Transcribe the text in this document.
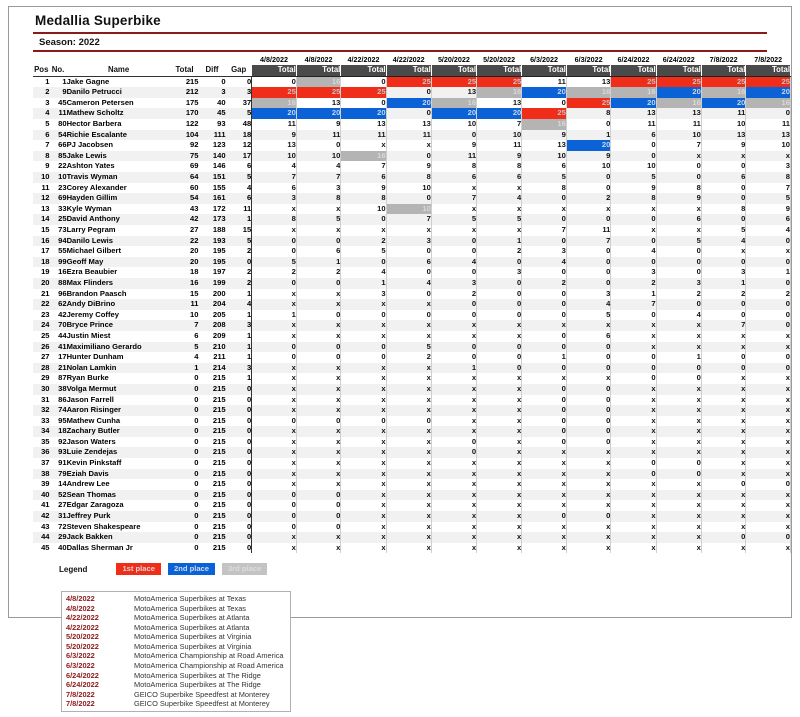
Medallia Superbike
Season: 2022
						4/8/2022	4/8/2022	4/22/2022	4/22/2022	5/20/2022	5/20/2022	6/3/2022	6/3/2022	6/24/2022	6/24/2022	7/8/2022	7/8/2022
Pos	No.	Name	Total	Diff	Gap	Total	Total	Total	Total	Total	Total	Total	Total	Total	Total	Total	Total
1	1	Jake Gagne	215	0	0	0	16	0	25	25	25	11	13	25	25	25	25
2	9	Danilo Petrucci	212	3	3	25	25	25	0	13	16	20	16	16	20	16	20
3	45	Cameron Petersen	175	40	37	16	13	0	20	16	13	0	25	20	16	20	16
4	11	Mathew Scholtz	170	45	5	20	20	20	0	20	20	25	8	13	13	11	0
5	80	Hector Barbera	122	93	48	11	9	13	13	10	7	16	0	11	11	10	11
6	54	Richie Escalante	104	111	18	9	11	11	11	0	10	9	1	6	10	13	13
7	66	PJ Jacobsen	92	123	12	13	0	x	x	9	11	13	20	0	7	9	10
8	85	Jake Lewis	75	140	17	10	10	16	0	11	9	10	9	0	x	x	x
9	22	Ashton Yates	69	146	6	4	4	7	9	8	8	6	10	10	0	0	3
10	10	Travis Wyman	64	151	5	7	7	6	8	6	6	5	0	5	0	6	8
11	23	Corey Alexander	60	155	4	6	3	9	10	x	x	8	0	9	8	0	7
12	69	Hayden Gillim	54	161	6	3	8	8	0	7	4	0	2	8	9	0	5
13	33	Kyle Wyman	43	172	11	x	x	10	10	x	x	x	x	x	x	8	9
14	25	David Anthony	42	173	1	8	5	0	7	5	5	0	0	0	6	0	6
15	73	Larry Pegram	27	188	15	x	x	x	x	x	x	7	11	x	x	5	4
16	94	Danilo Lewis	22	193	5	0	0	2	3	0	1	0	7	0	5	4	0
17	55	Michael Gilbert	20	195	2	0	6	5	0	0	2	3	0	4	0	x	x
18	99	Geoff May	20	195	0	5	1	0	6	4	0	4	0	0	0	0	0
19	16	Ezra Beaubier	18	197	2	2	2	4	0	0	3	0	0	3	0	3	1
20	88	Max Flinders	16	199	2	0	0	1	4	3	0	2	0	2	3	1	0
21	96	Brandon Paasch	15	200	1	x	x	3	0	2	0	0	3	1	2	2	2
22	62	Andy DiBrino	11	204	4	x	x	x	x	0	0	0	4	7	0	0	0
23	42	Jeremy Coffey	10	205	1	1	0	0	0	0	0	0	5	0	4	0	0
24	70	Bryce Prince	7	208	3	x	x	x	x	x	x	x	x	x	x	7	0
25	44	Justin Miest	6	209	1	x	x	x	x	x	x	0	6	x	x	x	x
26	41	Maximiliano Gerardo	5	210	1	0	0	0	5	0	0	0	0	x	x	x	x
27	17	Hunter Dunham	4	211	1	0	0	0	2	0	0	1	0	0	1	0	0
28	21	Nolan Lamkin	1	214	3	x	x	x	x	1	0	0	0	0	0	0	0
29	87	Ryan Burke	0	215	1	x	x	x	x	x	x	x	x	0	0	x	x
30	38	Volga Mermut	0	215	0	x	x	x	x	x	x	0	0	x	x	x	x
31	86	Jason Farrell	0	215	0	x	x	x	x	x	x	0	0	x	x	x	x
32	74	Aaron Risinger	0	215	0	x	x	x	x	x	x	0	0	x	x	x	x
33	95	Mathew Cunha	0	215	0	0	0	0	0	x	x	0	0	x	x	x	x
34	18	Zachary Butler	0	215	0	x	x	x	x	x	x	0	0	x	x	x	x
35	92	Jason Waters	0	215	0	x	x	x	x	0	x	0	0	x	x	x	x
36	93	Luie Zendejas	0	215	0	x	x	x	x	0	x	x	x	x	x	x	x
37	91	Kevin Pinkstaff	0	215	0	x	x	x	x	x	x	x	x	0	0	x	x
38	79	Eziah Davis	0	215	0	x	x	x	x	x	x	x	x	0	0	x	x
39	14	Andrew Lee	0	215	0	x	x	x	x	x	x	x	x	x	x	0	0
40	52	Sean Thomas	0	215	0	0	0	x	x	x	x	x	x	x	x	x	x
41	27	Edgar Zaragoza	0	215	0	0	0	x	x	x	x	x	x	x	x	x	x
42	31	Jeffrey Purk	0	215	0	0	0	x	x	x	x	0	0	x	x	x	x
43	72	Steven Shakespeare	0	215	0	0	0	x	x	x	x	x	x	x	x	x	x
44	29	Jack Bakken	0	215	0	x	x	x	x	x	x	x	x	x	x	0	0
45	40	Dallas Sherman Jr	0	215	0	x	x	x	x	x	x	x	x	x	x	x	x
Legend	1st place	2nd place	3rd place
4/8/2022	MotoAmerica Superbikes at Texas
4/8/2022	MotoAmerica Superbikes at Texas
4/22/2022	MotoAmerica Superbikes at Atlanta
4/22/2022	MotoAmerica Superbikes at Atlanta
5/20/2022	MotoAmerica Superbikes at Virginia
5/20/2022	MotoAmerica Superbikes at Virginia
6/3/2022	MotoAmerica Championship at Road America
6/3/2022	MotoAmerica Championship at Road America
6/24/2022	MotoAmerica Superbikes at The Ridge
6/24/2022	MotoAmerica Superbikes at The Ridge
7/8/2022	GEICO Superbike Speedfest at Monterey
7/8/2022	GEICO Superbike Speedfest at Monterey
